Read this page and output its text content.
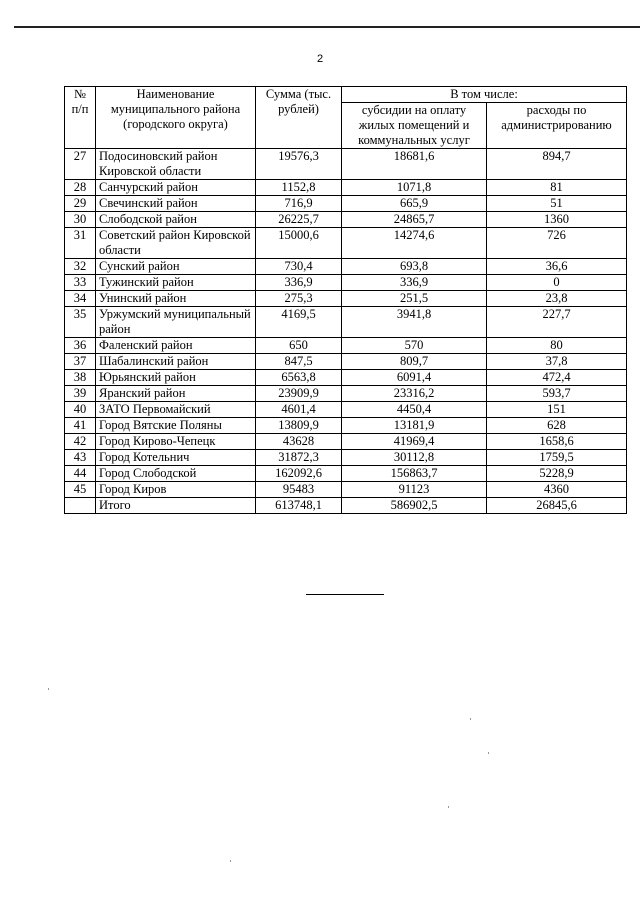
2
№ п/п	Наименование муниципального района (городского округа)	Сумма (тыс. рублей)	В том числе:	
			субсидии на оплату жилых помещений и коммунальных услуг	расходы по администрированию
27	Подосиновский район Кировской области	19576,3	18681,6	894,7
28	Санчурский район	1152,8	1071,8	81
29	Свечинский район	716,9	665,9	51
30	Слободской район	26225,7	24865,7	1360
31	Советский район Кировской области	15000,6	14274,6	726
32	Сунский район	730,4	693,8	36,6
33	Тужинский район	336,9	336,9	0
34	Унинский район	275,3	251,5	23,8
35	Уржумский муниципальный район	4169,5	3941,8	227,7
36	Фаленский район	650	570	80
37	Шабалинский район	847,5	809,7	37,8
38	Юрьянский район	6563,8	6091,4	472,4
39	Яранский район	23909,9	23316,2	593,7
40	ЗАТО Первомайский	4601,4	4450,4	151
41	Город Вятские Поляны	13809,9	13181,9	628
42	Город Кирово-Чепецк	43628	41969,4	1658,6
43	Город Котельнич	31872,3	30112,8	1759,5
44	Город Слободской	162092,6	156863,7	5228,9
45	Город Киров	95483	91123	4360
	Итого	613748,1	586902,5	26845,6
